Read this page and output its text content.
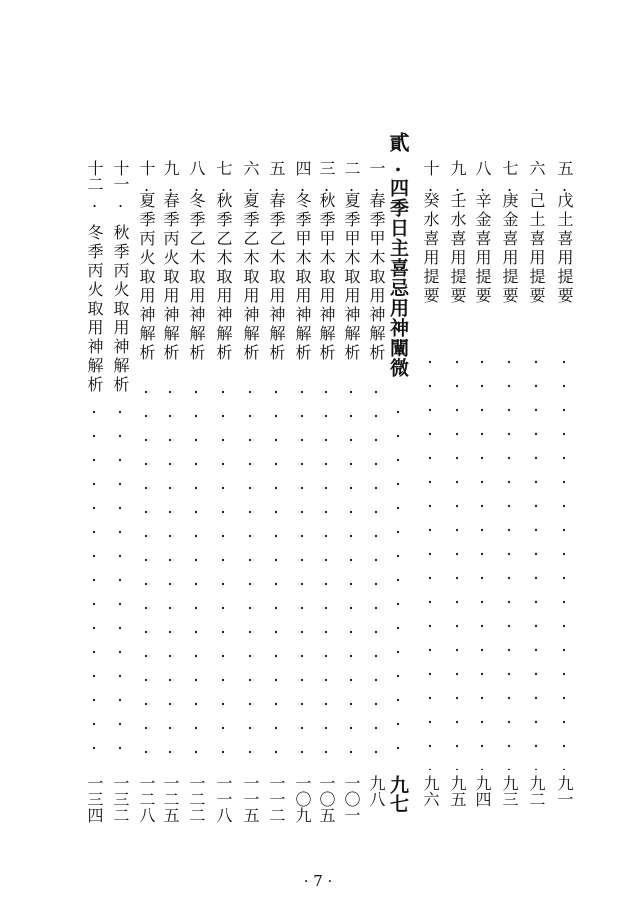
五.
戊土喜用提要
九一
六.
己土喜用提要
九二
七.
庚金喜用提要
九三
八.
辛金喜用提要
九四
九.
壬水喜用提要
九五
十.
癸水喜用提要
九六
貳.
四季日主喜忌用神闡微
九七
一.
春季甲木取用神解析
九八
二.
夏季甲木取用神解析
一〇一
三.
秋季甲木取用神解析
一〇五
四.
冬季甲木取用神解析
一〇九
五.
春季乙木取用神解析
一一二
六.
夏季乙木取用神解析
一一五
七.
秋季乙木取用神解析
一一八
八.
冬季乙木取用神解析
一二二
九.
春季丙火取用神解析
一二五
十.
夏季丙火取用神解析
一二八
十一.
秋季丙火取用神解析
一三二
十二.
冬季丙火取用神解析
一三四
· 7 ·
